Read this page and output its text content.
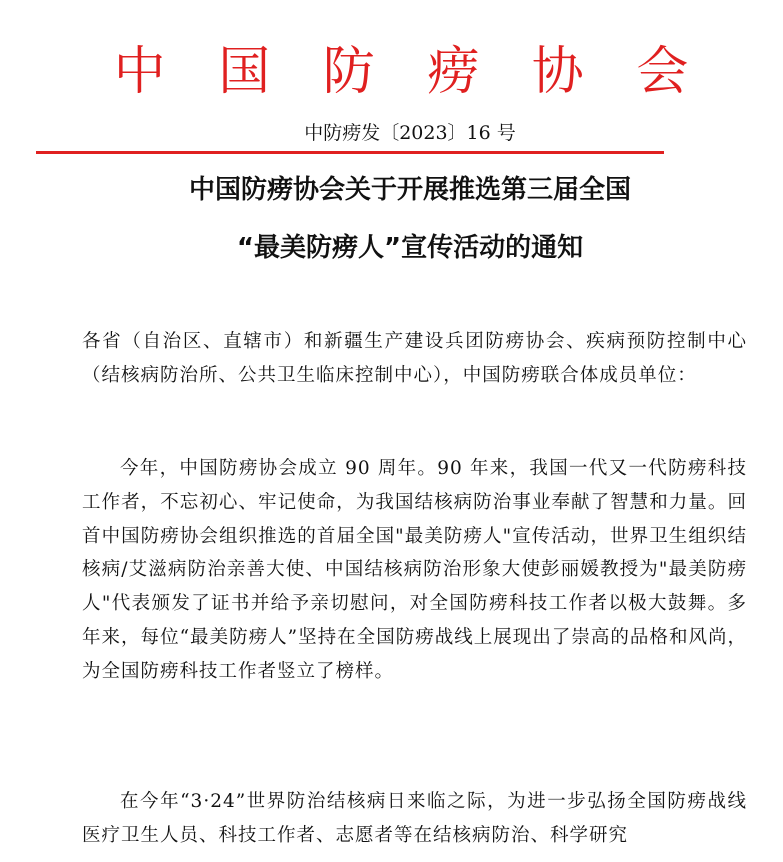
中 国 防 痨 协 会
中防痨发〔2023〕16 号
中国防痨协会关于开展推选第三届全国
“最美防痨人”宣传活动的通知

各省（自治区、直辖市）和新疆生产建设兵团防痨协会、疾病预防控制中心（结核病防治所、公共卫生临床控制中心），中国防痨联合体成员单位：

今年，中国防痨协会成立 90 周年。90 年来，我国一代又一代防痨科技工作者，不忘初心、牢记使命，为我国结核病防治事业奉献了智慧和力量。回首中国防痨协会组织推选的首届全国"最美防痨人"宣传活动，世界卫生组织结核病/艾滋病防治亲善大使、中国结核病防治形象大使彭丽媛教授为"最美防痨人"代表颁发了证书并给予亲切慰问，对全国防痨科技工作者以极大鼓舞。多年来，每位“最美防痨人”坚持在全国防痨战线上展现出了崇高的品格和风尚，为全国防痨科技工作者竖立了榜样。

在今年“3·24”世界防治结核病日来临之际，为进一步弘扬全国防痨战线医疗卫生人员、科技工作者、志愿者等在结核病防治、科学研究
